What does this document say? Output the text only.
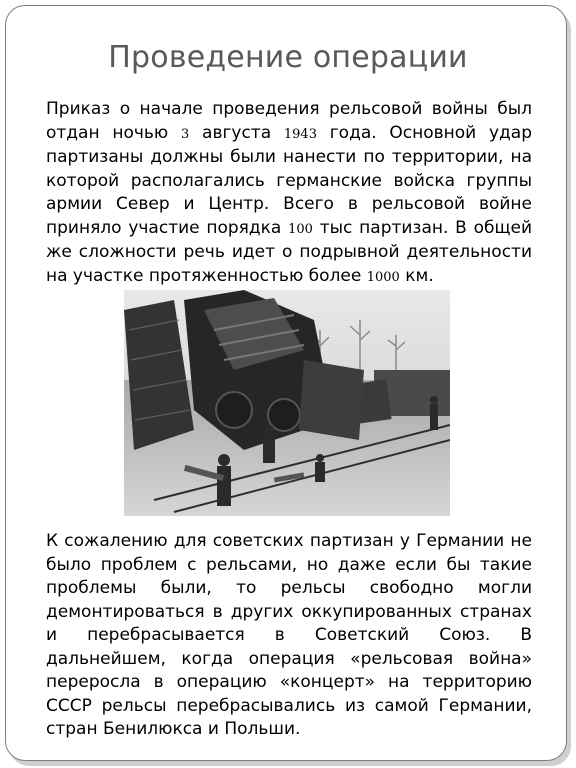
Проведение операции

Приказ о начале проведения рельсовой войны был отдан ночью 3 августа 1943 года. Основной удар партизаны должны были нанести по территории, на которой располагались германские войска группы армии Север и Центр. Всего в рельсовой войне приняло участие порядка 100 тыс партизан. В общей же сложности речь идет о подрывной деятельности на участке протяженностью более 1000 км.

К сожалению для советских партизан у Германии не было проблем с рельсами, но даже если бы такие проблемы были, то рельсы свободно могли демонтироваться в других оккупированных странах и перебрасывается в Советский Союз. В дальнейшем, когда операция «рельсовая война» переросла в операцию «концерт» на территорию СССР рельсы перебрасывались из самой Германии, стран Бенилюкса и Польши.
